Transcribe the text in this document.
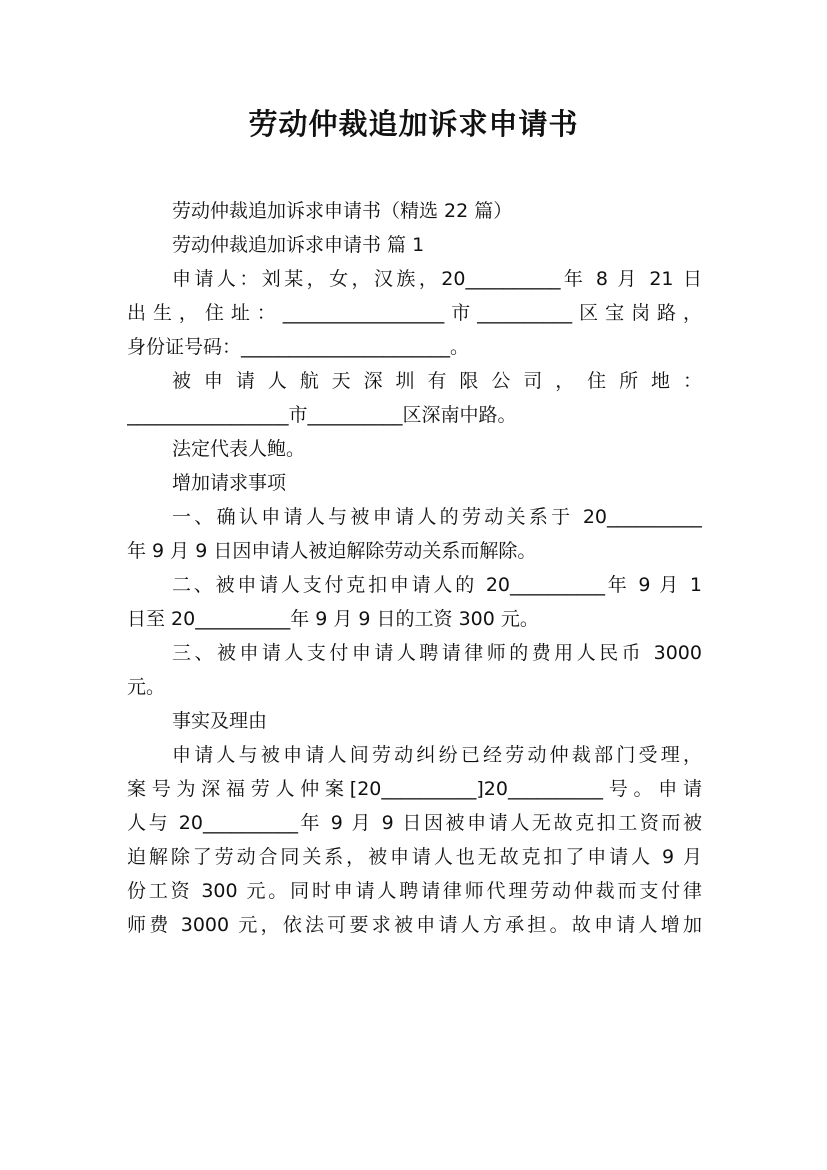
劳动仲裁追加诉求申请书
劳动仲裁追加诉求申请书（精选 22 篇）
劳动仲裁追加诉求申请书 篇 1
申请人：刘某，女，汉族，20__________年 8 月 21 日
出生，住址：_________________市__________区宝岗路，
身份证号码：______________________。
被 申 请 人 航 天 深 圳 有 限 公 司 ， 住 所 地 ：
_________________市__________区深南中路。
法定代表人鲍。
增加请求事项
一、确认申请人与被申请人的劳动关系于 20__________
年 9 月 9 日因申请人被迫解除劳动关系而解除。
二、被申请人支付克扣申请人的 20__________年 9 月 1
日至 20__________年 9 月 9 日的工资 300 元。
三、被申请人支付申请人聘请律师的费用人民币 3000
元。
事实及理由
申请人与被申请人间劳动纠纷已经劳动仲裁部门受理，
案号为深福劳人仲案[20__________]20__________号。申请
人与 20__________年 9 月 9 日因被申请人无故克扣工资而被
迫解除了劳动合同关系，被申请人也无故克扣了申请人 9 月
份工资 300 元。同时申请人聘请律师代理劳动仲裁而支付律
师费 3000 元，依法可要求被申请人方承担。故申请人增加
